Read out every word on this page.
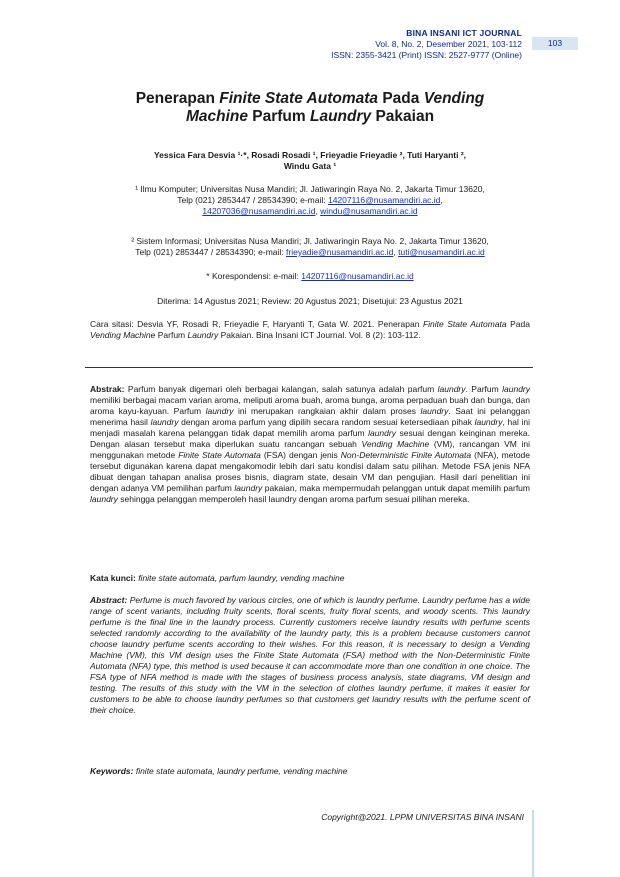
BINA INSANI ICT JOURNAL
Vol. 8, No. 2, Desember 2021, 103-112
ISSN: 2355-3421 (Print) ISSN: 2527-9777 (Online)
103
Penerapan Finite State Automata Pada Vending
Machine Parfum Laundry Pakaian
Yessica Fara Desvia ¹·*, Rosadi Rosadi ¹, Frieyadie Frieyadie ², Tuti Haryanti ²,
Windu Gata ¹
¹ Ilmu Komputer; Universitas Nusa Mandiri; Jl. Jatiwaringin Raya No. 2, Jakarta Timur 13620,
Telp (021) 2853447 / 28534390; e-mail: 14207116@nusamandiri.ac.id,
14207036@nusamandiri.ac.id, windu@nusamandiri.ac.id
² Sistem Informasi; Universitas Nusa Mandiri; Jl. Jatiwaringin Raya No. 2, Jakarta Timur 13620,
Telp (021) 2853447 / 28534390; e-mail: frieyadie@nusamandiri.ac.id, tuti@nusamandiri.ac.id
* Korespondensi: e-mail: 14207116@nusamandiri.ac.id
Diterima: 14 Agustus 2021; Review: 20 Agustus 2021; Disetujui: 23 Agustus 2021
Cara sitasi: Desvia YF, Rosadi R, Frieyadie F, Haryanti T, Gata W. 2021. Penerapan Finite State Automata Pada Vending Machine Parfum Laundry Pakaian. Bina Insani ICT Journal. Vol. 8 (2): 103-112.
Abstrak: Parfum banyak digemari oleh berbagai kalangan, salah satunya adalah parfum laundry. Parfum laundry memiliki berbagai macam varian aroma, meliputi aroma buah, aroma bunga, aroma perpaduan buah dan bunga, dan aroma kayu-kayuan. Parfum laundry ini merupakan rangkaian akhir dalam proses laundry. Saat ini pelanggan menerima hasil laundry dengan aroma parfum yang dipilih secara random sesuai ketersediaan pihak laundry, hal ini menjadi masalah karena pelanggan tidak dapat memilih aroma parfum laundry sesuai dengan keinginan mereka. Dengan alasan tersebut maka diperlukan suatu rancangan sebuah Vending Machine (VM), rancangan VM ini menggunakan metode Finite State Automata (FSA) dengan jenis Non-Deterministic Finite Automata (NFA), metode tersebut digunakan karena dapat mengakomodir lebih dari satu kondisi dalam satu pilihan. Metode FSA jenis NFA dibuat dengan tahapan analisa proses bisnis, diagram state, desain VM dan pengujian. Hasil dari penelitian ini dengan adanya VM pemilihan parfum laundry pakaian, maka mempermudah pelanggan untuk dapat memilih parfum laundry sehingga pelanggan memperoleh hasil laundry dengan aroma parfum sesuai pilihan mereka.
Kata kunci: finite state automata, parfum laundry, vending machine
Abstract: Perfume is much favored by various circles, one of which is laundry perfume. Laundry perfume has a wide range of scent variants, including fruity scents, floral scents, fruity floral scents, and woody scents. This laundry perfume is the final line in the laundry process. Currently customers receive laundry results with perfume scents selected randomly according to the availability of the laundry party, this is a problem because customers cannot choose laundry perfume scents according to their wishes. For this reason, it is necessary to design a Vending Machine (VM), this VM design uses the Finite State Automata (FSA) method with the Non-Deterministic Finite Automata (NFA) type, this method is used because it can accommodate more than one condition in one choice. The FSA type of NFA method is made with the stages of business process analysis, state diagrams, VM design and testing. The results of this study with the VM in the selection of clothes laundry perfume, it makes it easier for customers to be able to choose laundry perfumes so that customers get laundry results with the perfume scent of their choice.
Keywords: finite state automata, laundry perfume, vending machine
Copyright@2021. LPPM UNIVERSITAS BINA INSANI
